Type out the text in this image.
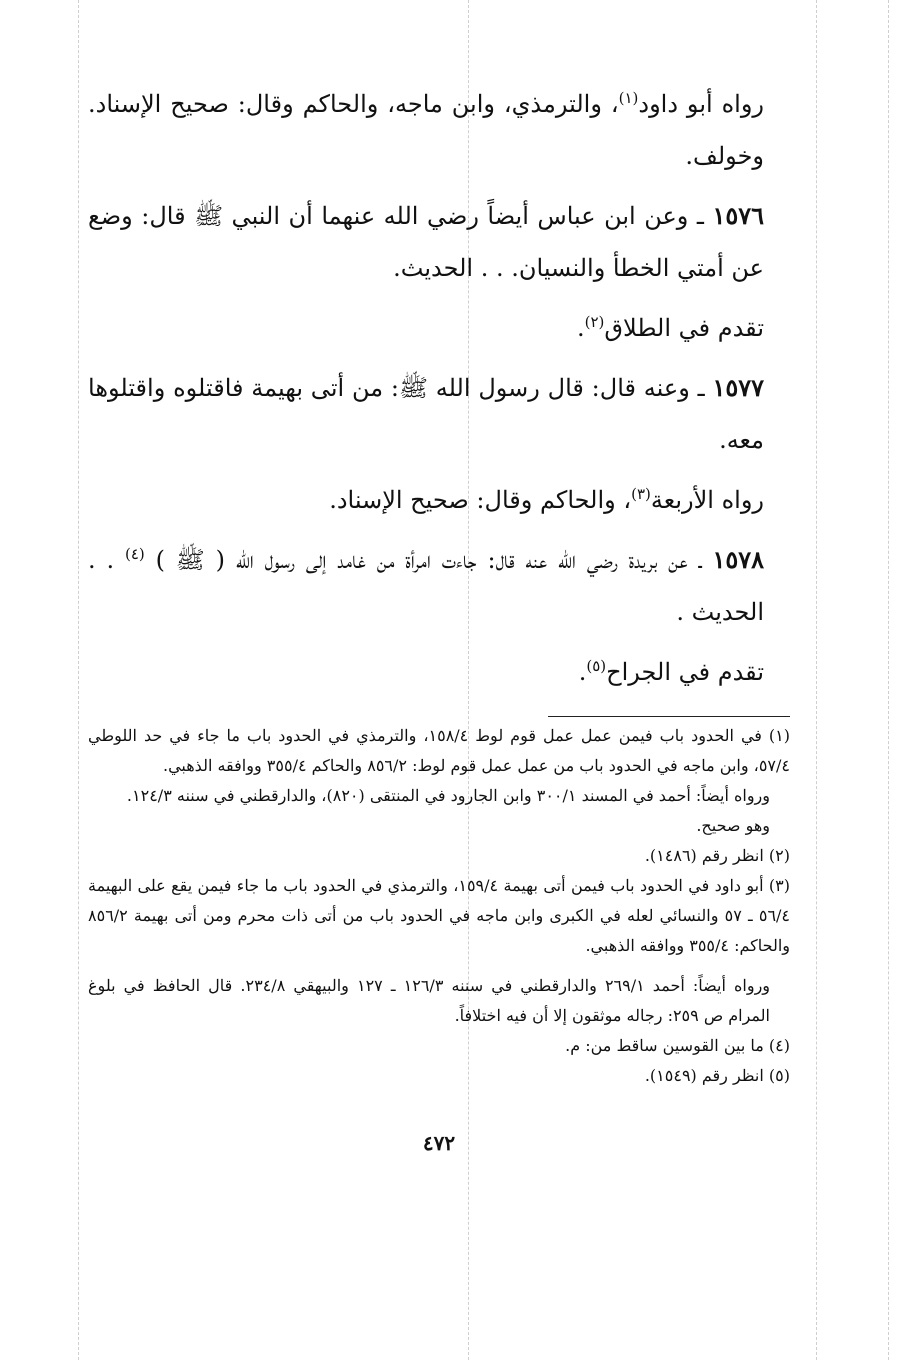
رواه أبو داود$^{(١)}$، والترمذي، وابن ماجه، والحاكم وقال: صحيح الإسناد. وخولف.

١٥٧٦ ـ وعن ابن عباس أيضاً رضي الله عنهما أن النبي ﷺ قال: وضع عن أمتي الخطأ والنسيان. . . الحديث.

تقدم في الطلاق$^{(٢)}$.

١٥٧٧ ـ وعنه قال: قال رسول الله ﷺ: من أتى بهيمة فاقتلوه واقتلوها معه.

رواه الأربعة$^{(٣)}$، والحاكم وقال: صحيح الإسناد.

١٥٧٨ ـ عن بريدة رضي الله عنه قال: جاءت امرأة من غامد إلى رسول الله ( ﷺ ) $^{(٤)}$ . . الحديث .

تقدم في الجراح$^{(٥)}$.

(١) في الحدود باب فيمن عمل عمل قوم لوط ١٥٨/٤، والترمذي في الحدود باب ما جاء في حد اللوطي ٥٧/٤، وابن ماجه في الحدود باب من عمل عمل قوم لوط: ٨٥٦/٢ والحاكم ٣٥٥/٤ ووافقه الذهبي.

ورواه أيضاً: أحمد في المسند ٣٠٠/١ وابن الجارود في المنتقى (٨٢٠)، والدارقطني في سننه ١٢٤/٣.

وهو صحيح.

(٢) انظر رقم (١٤٨٦).

(٣) أبو داود في الحدود باب فيمن أتى بهيمة ١٥٩/٤، والترمذي في الحدود باب ما جاء فيمن يقع على البهيمة ٥٦/٤ ـ ٥٧ والنسائي لعله في الكبرى وابن ماجه في الحدود باب من أتى ذات محرم ومن أتى بهيمة ٨٥٦/٢ والحاكم: ٣٥٥/٤ ووافقه الذهبي.

ورواه أيضاً: أحمد ٢٦٩/١ والدارقطني في سننه ١٢٦/٣ ـ ١٢٧ والبيهقي ٢٣٤/٨. قال الحافظ في بلوغ المرام ص ٢٥٩: رجاله موثقون إلا أن فيه اختلافاً.

(٤) ما بين القوسين ساقط من: م.

(٥) انظر رقم (١٥٤٩).

٤٧٢
